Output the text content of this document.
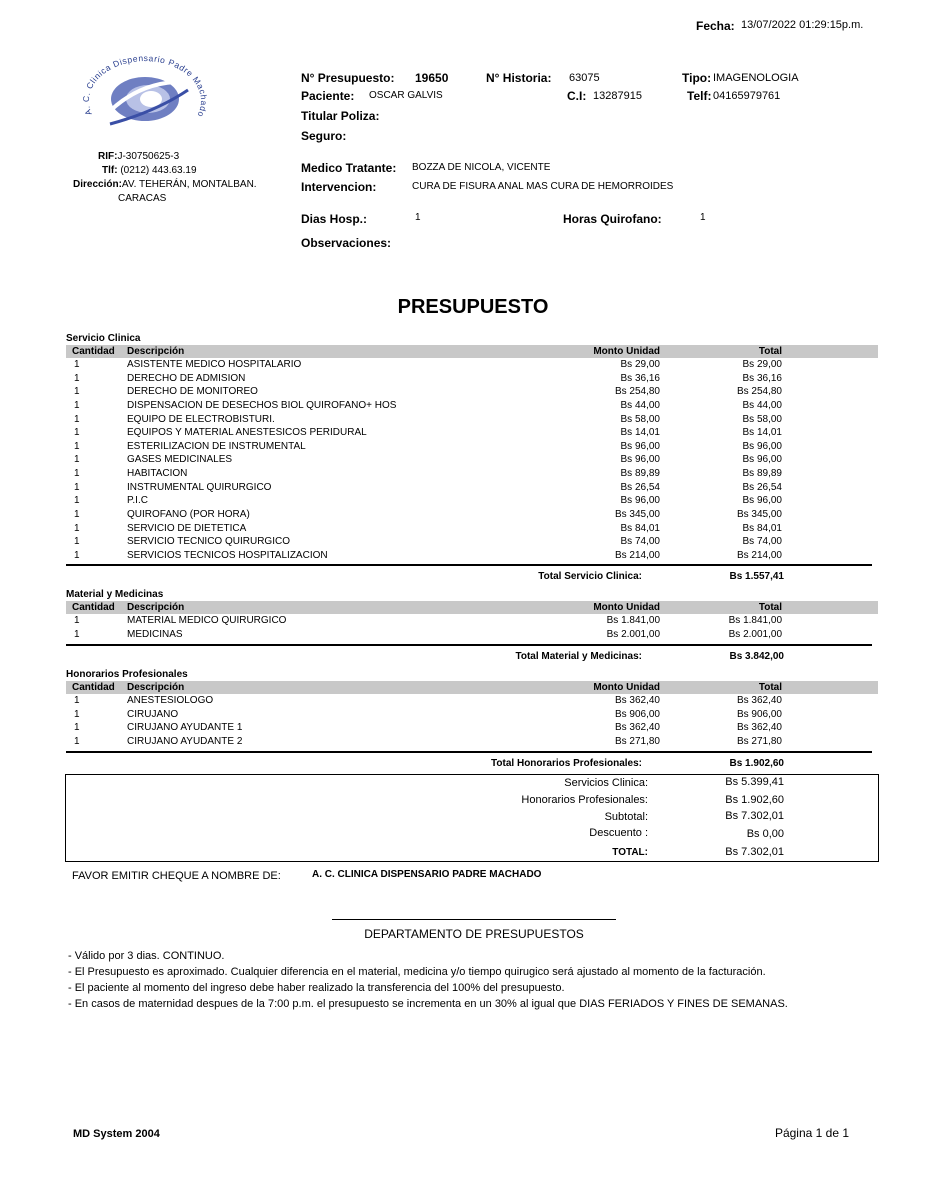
A. C. Clinica Dispensario Padre Machado
RIF:J-30750625-3
Tlf: (0212) 443.63.19
Dirección:AV. TEHERÁN, MONTALBAN.
CARACAS
Fecha: 13/07/2022 01:29:15p.m.
N° Presupuesto: 19650	N° Historia: 63075	Tipo: IMAGENOLOGIA
Paciente: OSCAR GALVIS	C.I: 13287915	Telf: 04165979761
Titular Poliza:
Seguro:
Medico Tratante: BOZZA DE NICOLA, VICENTE
Intervencion:	CURA DE FISURA ANAL MAS CURA DE HEMORROIDES
Dias Hosp.:	1	Horas Quirofano:	1
Observaciones:
PRESUPUESTO
Servicio Clinica
Cantidad Descripción	Monto Unidad	Total
1	ASISTENTE MEDICO HOSPITALARIO	Bs 29,00	Bs 29,00
1	DERECHO DE ADMISION	Bs 36,16	Bs 36,16
1	DERECHO DE MONITOREO	Bs 254,80	Bs 254,80
1	DISPENSACION DE DESECHOS BIOL QUIROFANO+ HOS	Bs 44,00	Bs 44,00
1	EQUIPO DE ELECTROBISTURI.	Bs 58,00	Bs 58,00
1	EQUIPOS Y MATERIAL ANESTESICOS PERIDURAL	Bs 14,01	Bs 14,01
1	ESTERILIZACION DE INSTRUMENTAL	Bs 96,00	Bs 96,00
1	GASES MEDICINALES	Bs 96,00	Bs 96,00
1	HABITACION	Bs 89,89	Bs 89,89
1	INSTRUMENTAL QUIRURGICO	Bs 26,54	Bs 26,54
1	P.I.C	Bs 96,00	Bs 96,00
1	QUIROFANO (POR HORA)	Bs 345,00	Bs 345,00
1	SERVICIO DE DIETETICA	Bs 84,01	Bs 84,01
1	SERVICIO TECNICO QUIRURGICO	Bs 74,00	Bs 74,00
1	SERVICIOS TECNICOS HOSPITALIZACION	Bs 214,00	Bs 214,00
Total Servicio Clinica:	Bs 1.557,41
Material y Medicinas
Cantidad Descripción	Monto Unidad	Total
1	MATERIAL MEDICO QUIRURGICO	Bs 1.841,00	Bs 1.841,00
1	MEDICINAS	Bs 2.001,00	Bs 2.001,00
Total Material y Medicinas:	Bs 3.842,00
Honorarios Profesionales
Cantidad Descripción	Monto Unidad	Total
1	ANESTESIOLOGO	Bs 362,40	Bs 362,40
1	CIRUJANO	Bs 906,00	Bs 906,00
1	CIRUJANO AYUDANTE 1	Bs 362,40	Bs 362,40
1	CIRUJANO AYUDANTE 2	Bs 271,80	Bs 271,80
Total Honorarios Profesionales:	Bs 1.902,60
Servicios Clinica:	Bs 5.399,41
Honorarios Profesionales:	Bs 1.902,60
Subtotal:	Bs 7.302,01
Descuento :	Bs 0,00
TOTAL:	Bs 7.302,01
FAVOR EMITIR CHEQUE A NOMBRE DE:	A. C. CLINICA DISPENSARIO PADRE MACHADO
DEPARTAMENTO DE PRESUPUESTOS
- Válido por 3 dias. CONTINUO.
- El Presupuesto es aproximado. Cualquier diferencia en el material, medicina y/o tiempo quirugico será ajustado al momento de la facturación.
- El paciente al momento del ingreso debe haber realizado la transferencia del 100% del presupuesto.
- En casos de maternidad despues de la 7:00 p.m. el presupuesto se incrementa en un 30% al igual que DIAS FERIADOS Y FINES DE SEMANAS.
MD System 2004	Página 1 de 1
